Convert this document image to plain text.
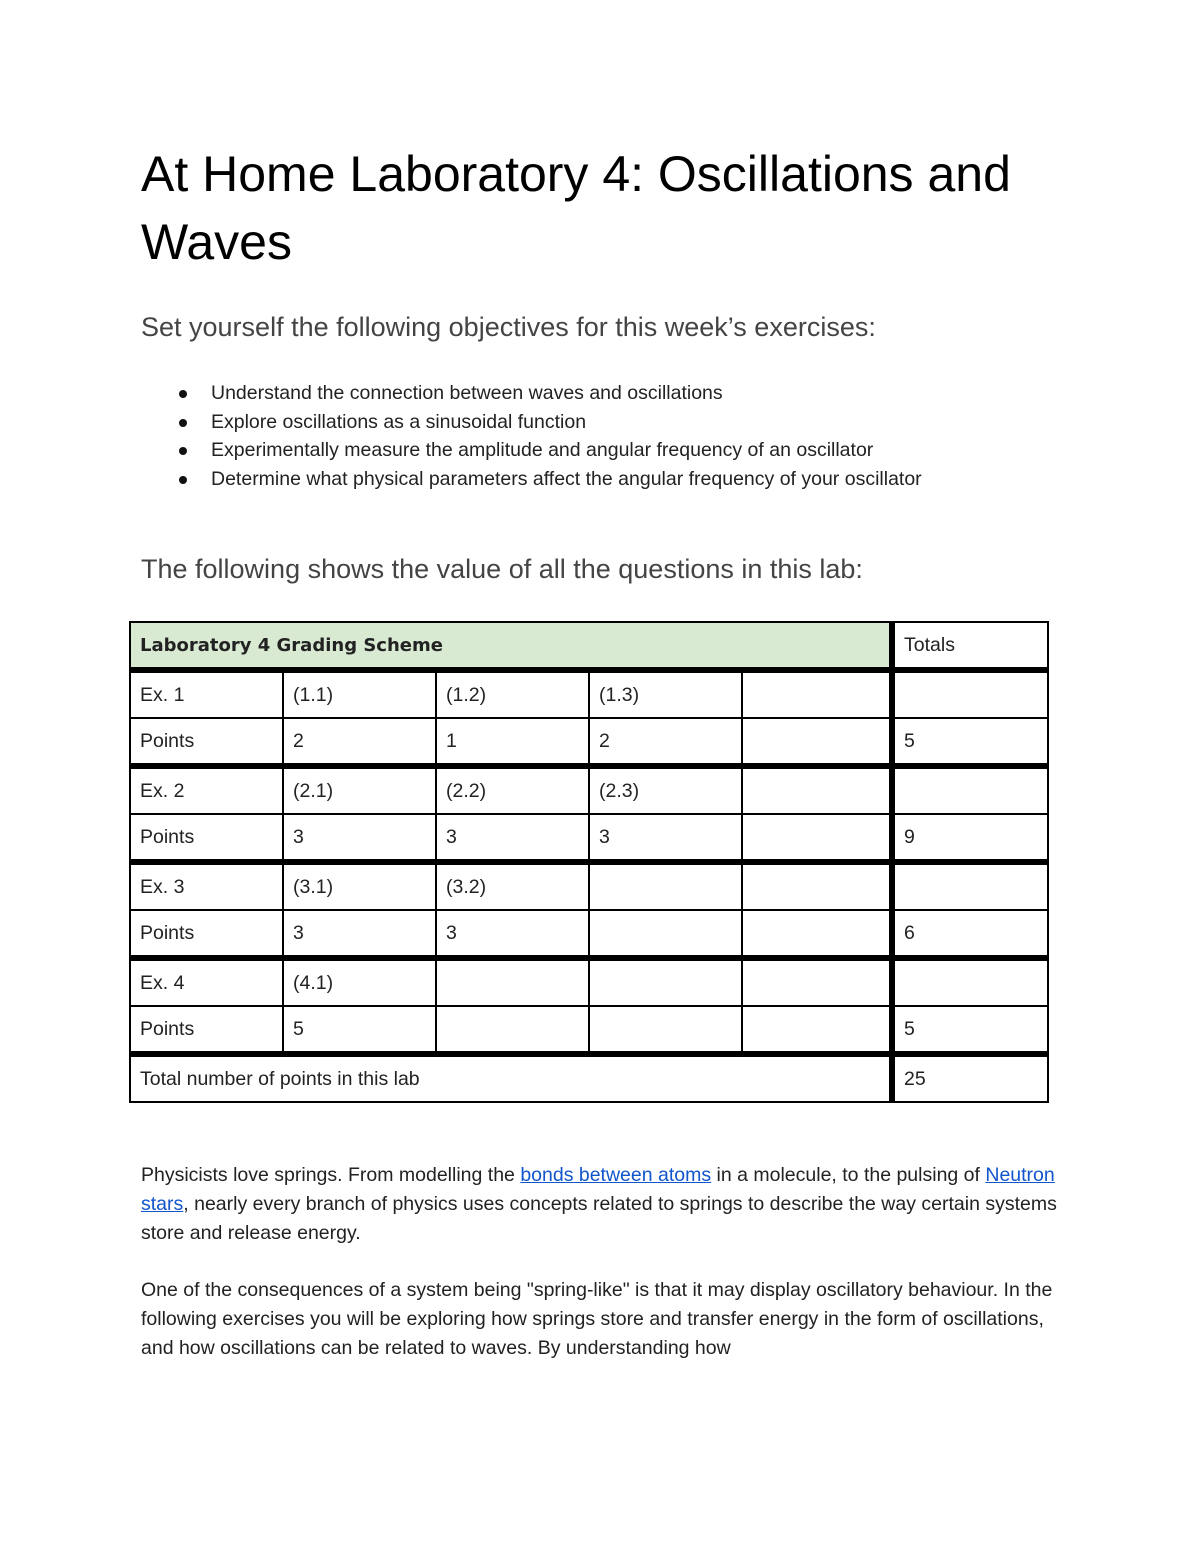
At Home Laboratory 4: Oscillations and Waves
Set yourself the following objectives for this week’s exercises:
Understand the connection between waves and oscillations
Explore oscillations as a sinusoidal function
Experimentally measure the amplitude and angular frequency of an oscillator
Determine what physical parameters affect the angular frequency of your oscillator
The following shows the value of all the questions in this lab:
Laboratory 4 Grading Scheme					Totals
Ex. 1	(1.1)	(1.2)	(1.3)		
Points	2	1	2		5
Ex. 2	(2.1)	(2.2)	(2.3)		
Points	3	3	3		9
Ex. 3	(3.1)	(3.2)			
Points	3	3			6
Ex. 4	(4.1)				
Points	5				5
Total number of points in this lab					25

Physicists love springs. From modelling the bonds between atoms in a molecule, to the pulsing of Neutron stars, nearly every branch of physics uses concepts related to springs to describe the way certain systems store and release energy.

One of the consequences of a system being "spring-like" is that it may display oscillatory behaviour. In the following exercises you will be exploring how springs store and transfer energy in the form of oscillations, and how oscillations can be related to waves. By understanding how
